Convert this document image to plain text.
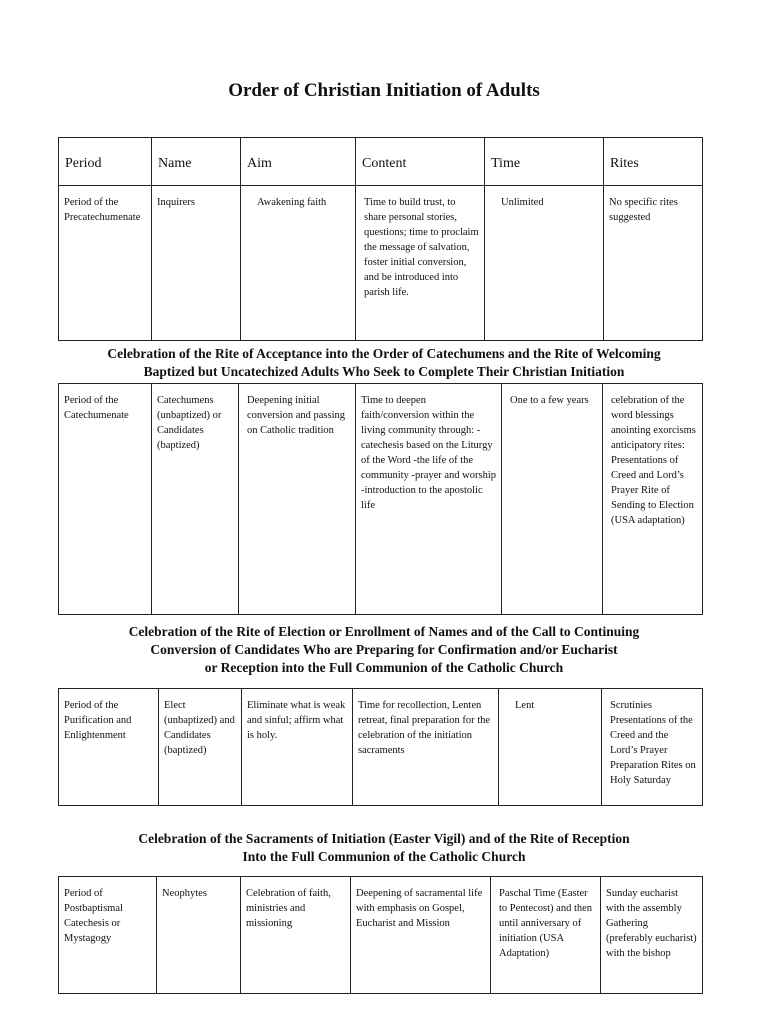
Order of Christian Initiation of Adults
Period	Name	Aim	Content	Time	Rites
Period of the Precatechumenate	Inquirers	Awakening faith	Time to build trust, to share personal stories, questions; time to proclaim the message of salvation, foster initial conversion, and be introduced into parish life.	Unlimited	No specific rites suggested
Celebration of the Rite of Acceptance into the Order of Catechumens and the Rite of Welcoming
Baptized but Uncatechized Adults Who Seek to Complete Their Christian Initiation
Period of the Catechumenate	Catechumens (unbaptized) or Candidates (baptized)	Deepening initial conversion and passing on Catholic tradition	Time to deepen faith/conversion within the living community through: -catechesis based on the Liturgy of the Word -the life of the community -prayer and worship -introduction to the apostolic life	One to a few years	celebration of the word blessings anointing exorcisms anticipatory rites: Presentations of Creed and Lord’s Prayer Rite of Sending to Election (USA adaptation)
Celebration of the Rite of Election or Enrollment of Names and of the Call to Continuing
Conversion of Candidates Who are Preparing for Confirmation and/or Eucharist
or Reception into the Full Communion of the Catholic Church
Period of the Purification and Enlightenment	Elect (unbaptized) and Candidates (baptized)	Eliminate what is weak and sinful; affirm what is holy.	Time for recollection, Lenten retreat, final preparation for the celebration of the initiation sacraments	Lent	Scrutinies Presentations of the Creed and the Lord’s Prayer Preparation Rites on Holy Saturday
Celebration of the Sacraments of Initiation (Easter Vigil) and of the Rite of Reception
Into the Full Communion of the Catholic Church
Period of Postbaptismal Catechesis or Mystagogy	Neophytes	Celebration of faith, ministries and missioning	Deepening of sacramental life with emphasis on Gospel, Eucharist and Mission	Paschal Time (Easter to Pentecost) and then until anniversary of initiation (USA Adaptation)	Sunday eucharist with the assembly Gathering (preferably eucharist) with the bishop
